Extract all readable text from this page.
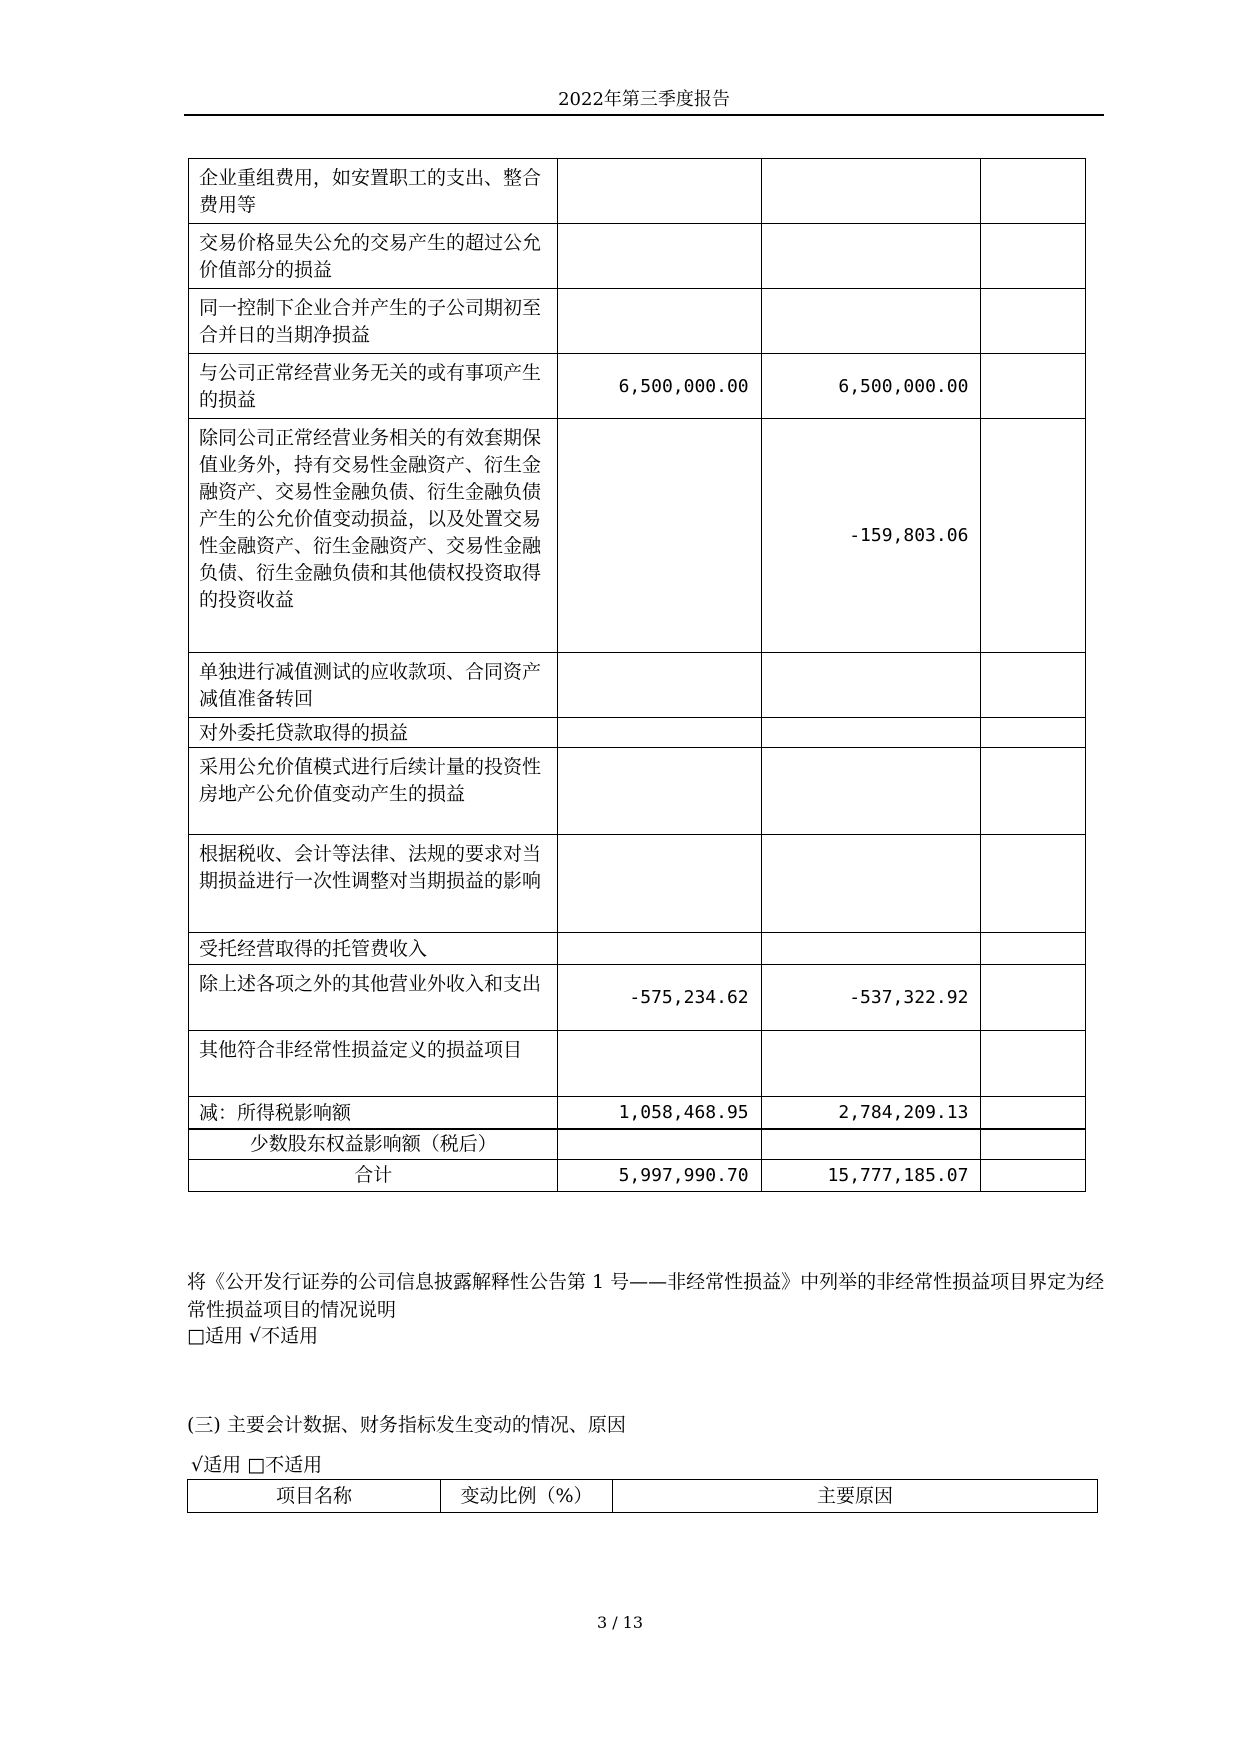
2022年第三季度报告
企业重组费用，如安置职工的支出、整合费用等			
交易价格显失公允的交易产生的超过公允价值部分的损益			
同一控制下企业合并产生的子公司期初至合并日的当期净损益			
与公司正常经营业务无关的或有事项产生的损益	6,500,000.00	6,500,000.00	
除同公司正常经营业务相关的有效套期保值业务外，持有交易性金融资产、衍生金融资产、交易性金融负债、衍生金融负债产生的公允价值变动损益，以及处置交易性金融资产、衍生金融资产、交易性金融负债、衍生金融负债和其他债权投资取得的投资收益		-159,803.06	
单独进行减值测试的应收款项、合同资产减值准备转回			
对外委托贷款取得的损益			
采用公允价值模式进行后续计量的投资性房地产公允价值变动产生的损益			
根据税收、会计等法律、法规的要求对当期损益进行一次性调整对当期损益的影响			
受托经营取得的托管费收入			
除上述各项之外的其他营业外收入和支出	-575,234.62	-537,322.92	
其他符合非经常性损益定义的损益项目			
减：所得税影响额	1,058,468.95	2,784,209.13	
少数股东权益影响额（税后）			
合计	5,997,990.70	15,777,185.07	
将《公开发行证券的公司信息披露解释性公告第 1 号——非经常性损益》中列举的非经常性损益项目界定为经常性损益项目的情况说明
□适用 √不适用
(三) 主要会计数据、财务指标发生变动的情况、原因
√适用 □不适用
项目名称	变动比例（%）	主要原因
3 / 13
